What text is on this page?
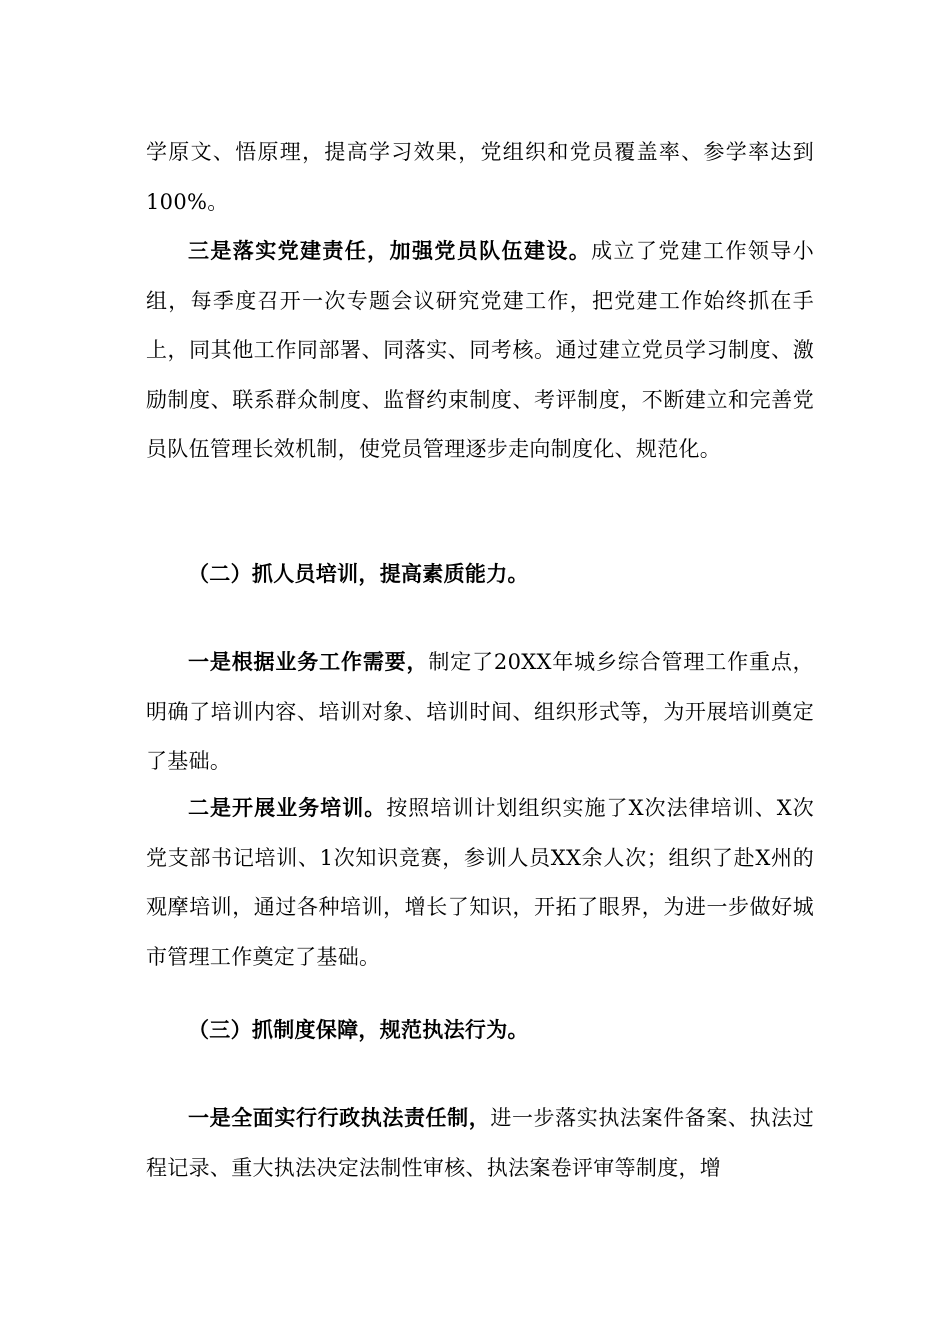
学原文、悟原理，提高学习效果，党组织和党员覆盖率、参学率达到100%。

三是落实党建责任，加强党员队伍建设。成立了党建工作领导小组，每季度召开一次专题会议研究党建工作，把党建工作始终抓在手上，同其他工作同部署、同落实、同考核。通过建立党员学习制度、激励制度、联系群众制度、监督约束制度、考评制度，不断建立和完善党员队伍管理长效机制，使党员管理逐步走向制度化、规范化。

（二）抓人员培训，提高素质能力。

一是根据业务工作需要，制定了20XX年城乡综合管理工作重点，明确了培训内容、培训对象、培训时间、组织形式等，为开展培训奠定了基础。

二是开展业务培训。按照培训计划组织实施了X次法律培训、X次党支部书记培训、1次知识竞赛，参训人员XX余人次；组织了赴X州的观摩培训，通过各种培训，增长了知识，开拓了眼界，为进一步做好城市管理工作奠定了基础。

（三）抓制度保障，规范执法行为。

一是全面实行行政执法责任制，进一步落实执法案件备案、执法过程记录、重大执法决定法制性审核、执法案卷评审等制度，增
